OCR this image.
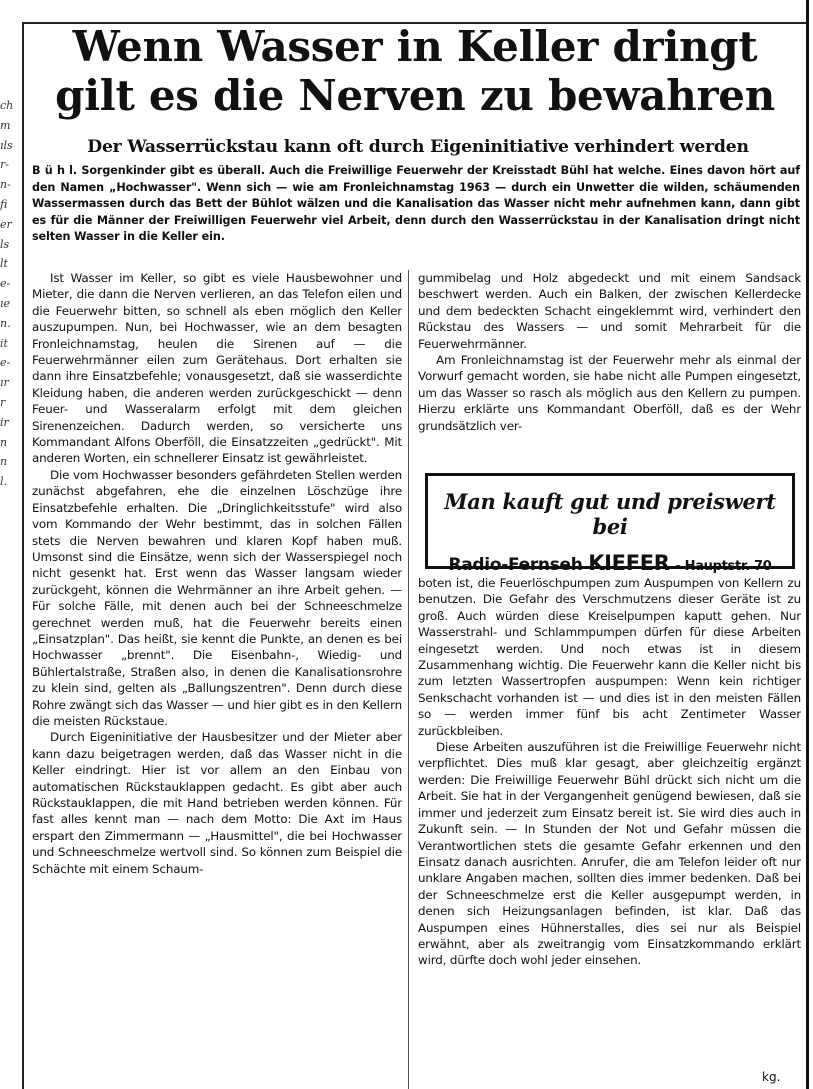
ch
m
ıls
r-
n-
fi
er
ls
lt
e-
ıe
n.
it
e-
ır
r
ir
n
n
l.
Wenn Wasser in Keller dringt
gilt es die Nerven zu bewahren
Der Wasserrückstau kann oft durch Eigeninitiative verhindert werden

B ü h l. Sorgenkinder gibt es überall. Auch die Freiwillige Feuerwehr der Kreisstadt Bühl hat welche. Eines davon hört auf den Namen „Hochwasser". Wenn sich — wie am Fronleichnamstag 1963 — durch ein Unwetter die wilden, schäumenden Wassermassen durch das Bett der Bühlot wälzen und die Kanalisation das Wasser nicht mehr aufnehmen kann, dann gibt es für die Männer der Freiwilligen Feuerwehr viel Arbeit, denn durch den Wasserrückstau in der Kanalisation dringt nicht selten Wasser in die Keller ein.

Ist Wasser im Keller, so gibt es viele Hausbewohner und Mieter, die dann die Nerven verlieren, an das Telefon eilen und die Feuerwehr bitten, so schnell als eben möglich den Keller auszupumpen. Nun, bei Hochwasser, wie an dem besagten Fronleichnamstag, heulen die Sirenen auf — die Feuerwehrmänner eilen zum Gerätehaus. Dort erhalten sie dann ihre Einsatzbefehle; vonausgesetzt, daß sie wasserdichte Kleidung haben, die anderen werden zurückgeschickt — denn Feuer- und Wasseralarm erfolgt mit dem gleichen Sirenenzeichen. Dadurch werden, so versicherte uns Kommandant Alfons Oberföll, die Einsatzzeiten „gedrückt". Mit anderen Worten, ein schnellerer Einsatz ist gewährleistet.

Die vom Hochwasser besonders gefährdeten Stellen werden zunächst abgefahren, ehe die einzelnen Löschzüge ihre Einsatzbefehle erhalten. Die „Dringlichkeitsstufe" wird also vom Kommando der Wehr bestimmt, das in solchen Fällen stets die Nerven bewahren und klaren Kopf haben muß. Umsonst sind die Einsätze, wenn sich der Wasserspiegel noch nicht gesenkt hat. Erst wenn das Wasser langsam wieder zurückgeht, können die Wehrmänner an ihre Arbeit gehen. — Für solche Fälle, mit denen auch bei der Schneeschmelze gerechnet werden muß, hat die Feuerwehr bereits einen „Einsatzplan". Das heißt, sie kennt die Punkte, an denen es bei Hochwasser „brennt". Die Eisenbahn-, Wiedig- und Bühlertalstraße, Straßen also, in denen die Kanalisationsrohre zu klein sind, gelten als „Ballungszentren". Denn durch diese Rohre zwängt sich das Wasser — und hier gibt es in den Kellern die meisten Rückstaue.

Durch Eigeninitiative der Hausbesitzer und der Mieter aber kann dazu beigetragen werden, daß das Wasser nicht in die Keller eindringt. Hier ist vor allem an den Einbau von automatischen Rückstauklappen gedacht. Es gibt aber auch Rückstauklappen, die mit Hand betrieben werden können. Für fast alles kennt man — nach dem Motto: Die Axt im Haus erspart den Zimmermann — „Hausmittel", die bei Hochwasser und Schneeschmelze wertvoll sind. So können zum Beispiel die Schächte mit einem Schaum-

gummibelag und Holz abgedeckt und mit einem Sandsack beschwert werden. Auch ein Balken, der zwischen Kellerdecke und dem bedeckten Schacht eingeklemmt wird, verhindert den Rückstau des Wassers — und somit Mehrarbeit für die Feuerwehrmänner.

Am Fronleichnamstag ist der Feuerwehr mehr als einmal der Vorwurf gemacht worden, sie habe nicht alle Pumpen eingesetzt, um das Wasser so rasch als möglich aus den Kellern zu pumpen. Hierzu erklärte uns Kommandant Oberföll, daß es der Wehr grundsätzlich ver-

Man kauft gut und preiswert bei
Radio-Fernseh KIEFER - Hauptstr. 70

boten ist, die Feuerlöschpumpen zum Auspumpen von Kellern zu benutzen. Die Gefahr des Verschmutzens dieser Geräte ist zu groß. Auch würden diese Kreiselpumpen kaputt gehen. Nur Wasserstrahl- und Schlammpumpen dürfen für diese Arbeiten eingesetzt werden. Und noch etwas ist in diesem Zusammenhang wichtig. Die Feuerwehr kann die Keller nicht bis zum letzten Wassertropfen auspumpen: Wenn kein richtiger Senkschacht vorhanden ist — und dies ist in den meisten Fällen so — werden immer fünf bis acht Zentimeter Wasser zurückbleiben.

Diese Arbeiten auszuführen ist die Freiwillige Feuerwehr nicht verpflichtet. Dies muß klar gesagt, aber gleichzeitig ergänzt werden: Die Freiwillige Feuerwehr Bühl drückt sich nicht um die Arbeit. Sie hat in der Vergangenheit genügend bewiesen, daß sie immer und jederzeit zum Einsatz bereit ist. Sie wird dies auch in Zukunft sein. — In Stunden der Not und Gefahr müssen die Verantwortlichen stets die gesamte Gefahr erkennen und den Einsatz danach ausrichten. Anrufer, die am Telefon leider oft nur unklare Angaben machen, sollten dies immer bedenken. Daß bei der Schneeschmelze erst die Keller ausgepumpt werden, in denen sich Heizungsanlagen befinden, ist klar. Daß das Auspumpen eines Hühnerstalles, dies sei nur als Beispiel erwähnt, aber als zweitrangig vom Einsatzkommando erklärt wird, dürfte doch wohl jeder einsehen.

kg.
